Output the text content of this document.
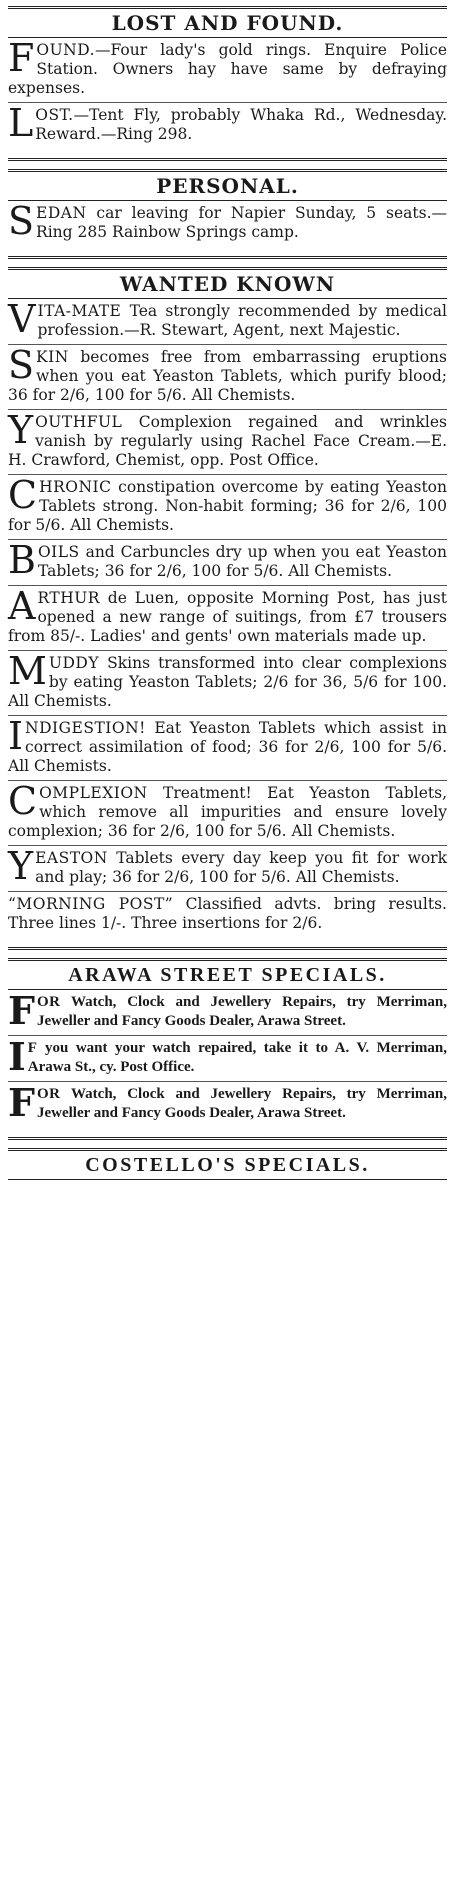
LOST AND FOUND.
FOUND.—Four lady's gold rings. Enquire Police Station. Owners hay have same by defraying expenses.
LOST.—Tent Fly, probably Whaka Rd., Wednesday. Reward.—Ring 298.
PERSONAL.
SEDAN car leaving for Napier Sunday, 5 seats.—Ring 285 Rainbow Springs camp.
WANTED KNOWN
VITA-MATE Tea strongly recommended by medical profession.—R. Stewart, Agent, next Majestic.
SKIN becomes free from embarrassing eruptions when you eat Yeaston Tablets, which purify blood; 36 for 2/6, 100 for 5/6. All Chemists.
YOUTHFUL Complexion regained and wrinkles vanish by regularly using Rachel Face Cream.—E. H. Crawford, Chemist, opp. Post Office.
CHRONIC constipation overcome by eating Yeaston Tablets strong. Non-habit forming; 36 for 2/6, 100 for 5/6. All Chemists.
BOILS and Carbuncles dry up when you eat Yeaston Tablets; 36 for 2/6, 100 for 5/6. All Chemists.
ARTHUR de Luen, opposite Morning Post, has just opened a new range of suitings, from £7 trousers from 85/-. Ladies' and gents' own materials made up.
MUDDY Skins transformed into clear complexions by eating Yeaston Tablets; 2/6 for 36, 5/6 for 100. All Chemists.
INDIGESTION! Eat Yeaston Tablets which assist in correct assimilation of food; 36 for 2/6, 100 for 5/6. All Chemists.
COMPLEXION Treatment! Eat Yeaston Tablets, which remove all impurities and ensure lovely complexion; 36 for 2/6, 100 for 5/6. All Chemists.
YEASTON Tablets every day keep you fit for work and play; 36 for 2/6, 100 for 5/6. All Chemists.
“MORNING POST” Classified advts. bring results. Three lines 1/-. Three insertions for 2/6.
ARAWA STREET SPECIALS.
FOR Watch, Clock and Jewellery Repairs, try Merriman, Jeweller and Fancy Goods Dealer, Arawa Street.
I F you want your watch repaired, take it to A. V. Merriman, Arawa St., cy. Post Office.
FOR Watch, Clock and Jewellery Repairs, try Merriman, Jeweller and Fancy Goods Dealer, Arawa Street.
COSTELLO'S SPECIALS.
